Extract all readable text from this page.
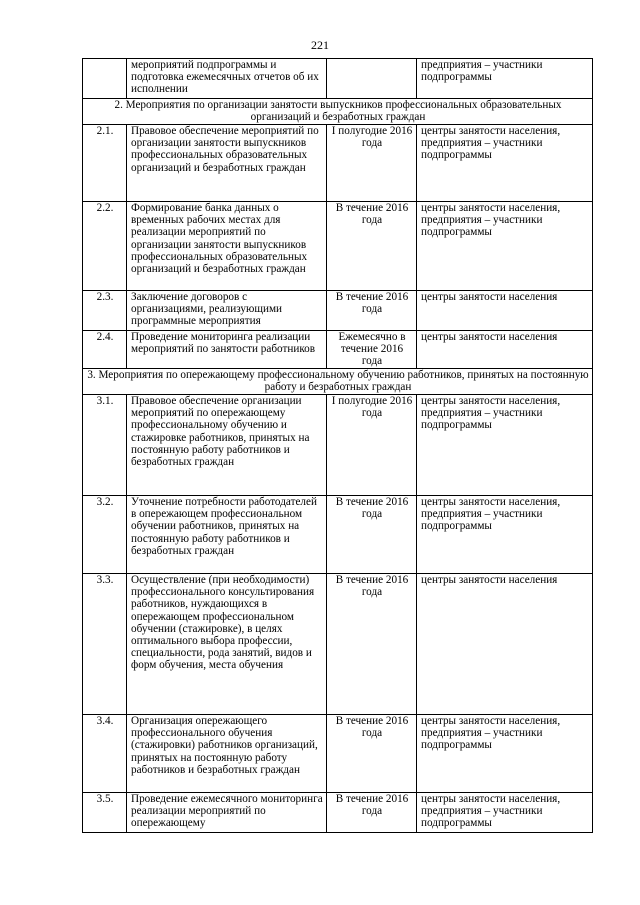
221
	мероприятий подпрограммы и подготовка ежемесячных отчетов об их исполнении		предприятия – участники подпрограммы
2. Мероприятия по организации занятости выпускников профессиональных образовательных организаций и безработных граждан			
2.1.	Правовое обеспечение мероприятий по организации занятости выпускников профессиональных образовательных организаций и безработных граждан	I полугодие 2016 года	центры занятости населения, предприятия – участники подпрограммы
2.2.	Формирование банка данных о временных рабочих местах для реализации мероприятий по организации занятости выпускников профессиональных образовательных организаций и безработных граждан	В течение 2016 года	центры занятости населения, предприятия – участники подпрограммы
2.3.	Заключение договоров с организациями, реализующими программные мероприятия	В течение 2016 года	центры занятости населения
2.4.	Проведение мониторинга реализации мероприятий по занятости работников	Ежемесячно в течение 2016 года	центры занятости населения
3. Мероприятия по опережающему профессиональному обучению работников, принятых на постоянную работу и безработных граждан			
3.1.	Правовое обеспечение организации мероприятий по опережающему профессиональному обучению и стажировке работников, принятых на постоянную работу работников и безработных граждан	I полугодие 2016 года	центры занятости населения, предприятия – участники подпрограммы
3.2.	Уточнение потребности работодателей в опережающем профессиональном обучении работников, принятых на постоянную работу работников и безработных граждан	В течение 2016 года	центры занятости населения, предприятия – участники подпрограммы
3.3.	Осуществление (при необходимости) профессионального консультирования работников, нуждающихся в опережающем профессиональном обучении (стажировке), в целях оптимального выбора профессии, специальности, рода занятий, видов и форм обучения, места обучения	В течение 2016 года	центры занятости населения
3.4.	Организация опережающего профессионального обучения (стажировки) работников организаций, принятых на постоянную работу работников и безработных граждан	В течение 2016 года	центры занятости населения, предприятия – участники подпрограммы
3.5.	Проведение ежемесячного мониторинга реализации мероприятий по опережающему	В течение 2016 года	центры занятости населения, предприятия – участники подпрограммы
